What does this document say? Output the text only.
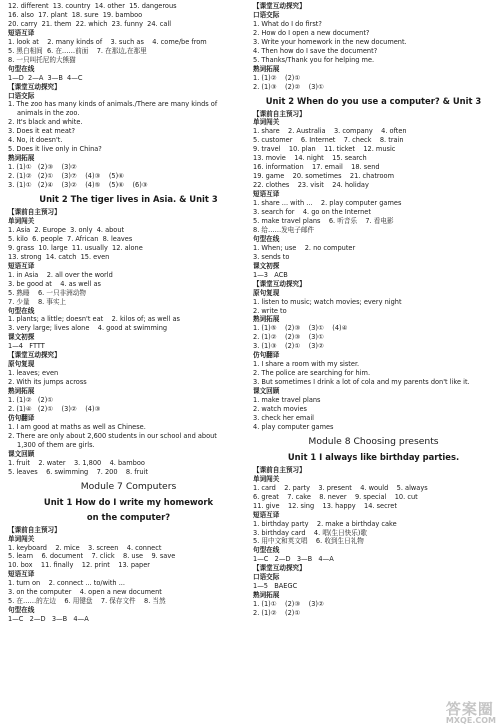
12. different  13. country  14. other  15. dangerous
16. also  17. plant  18. sure  19. bamboo
20. carry  21. them  22. which  23. funny  24. call
短语互译
1. look at    2. many kinds of    3. such as    4. come/be from
5. 黑白相间  6. 在……前面    7. 在那边,在那里
8. 一只叫托尼的大熊猫
句型在线
1—D  2—A  3—B  4—C
【课堂互动探究】
口语交际
1. The zoo has many kinds of animals./There are many kinds of
animals in the zoo.
2. It's black and white.
3. Does it eat meat?
4. No, it doesn't.
5. Does it live only in China?
熟词拓展
1. (1)①   (2)③    (3)②
2. (1)②   (2)①    (3)⑦    (4)③    (5)⑥
3. (1)①   (2)④    (3)②    (4)⑤    (5)⑥    (6)③
Unit 2 The tiger lives in Asia. & Unit 3
【课前自主预习】
单词闯关
1. Asia  2. Europe  3. only  4. about
5. kilo  6. people  7. African  8. leaves
9. grass  10. large  11. usually  12. alone
13. strong  14. catch  15. even
短语互译
1. in Asia    2. all over the world
3. be good at    4. as well as
5. 熟睡    6. 一只非洲动物
7. 少量    8. 事实上
句型在线
1. plants; a little; doesn't eat    2. kilos of; as well as
3. very large; lives alone    4. good at swimming
课文初探
1—4   FTTT
【课堂互动探究】
原句复现
1. leaves; even
2. With its jumps across
熟词拓展
1. (1)②   (2)①
2. (1)④   (2)①    (3)②    (4)③
仿句翻译
1. I am good at maths as well as Chinese.
2. There are only about 2,600 students in our school and about
1,300 of them are girls.
课文回顾
1. fruit    2. water    3. 1,800    4. bamboo
5. leaves    6. swimming    7. 200    8. fruit
Module 7 Computers
Unit 1 How do I write my homework
on the computer?
【课前自主预习】
单词闯关
1. keyboard    2. mice    3. screen    4. connect
5. learn    6. document    7. click    8. use    9. save
10. box    11. finally    12. print    13. paper
短语互译
1. turn on    2. connect ... to/with ...
3. on the computer    4. open a new document
5. 在……的左边    6. 用键盘    7. 保存文件    8. 当然
句型在线
1—C   2—D   3—B   4—A
【课堂互动探究】
口语交际
1. What do I do first?
2. How do I open a new document?
3. Write your homework in the new document.
4. Then how do I save the document?
5. Thanks/Thank you for helping me.
熟词拓展
1. (1)②    (2)①
2. (1)③    (2)②    (3)①
Unit 2 When do you use a computer? & Unit 3
【课前自主预习】
单词闯关
1. share    2. Australia    3. company    4. often
5. customer    6. Internet    7. check    8. train
9. travel    10. plan    11. ticket    12. music
13. movie    14. night    15. search
16. information    17. email    18. send
19. game    20. sometimes    21. chatroom
22. clothes    23. visit    24. holiday
短语互译
1. share ... with ...    2. play computer games
3. search for    4. go on the Internet
5. make travel plans    6. 听音乐    7. 看电影
8. 给……发电子邮件
句型在线
1. When; use    2. no computer
3. sends to
课文初探
1—3   ACB
【课堂互动探究】
原句复现
1. listen to music; watch movies; every night
2. write to
熟词拓展
1. (1)⑤    (2)③    (3)①    (4)④
2. (1)②    (2)③    (3)①
3. (1)③    (2)①    (3)②
仿句翻译
1. I share a room with my sister.
2. The police are searching for him.
3. But sometimes I drink a lot of cola and my parents don't like it.
课文回顾
1. make travel plans
2. watch movies
3. check her email
4. play computer games
Module 8 Choosing presents
Unit 1 I always like birthday parties.
【课前自主预习】
单词闯关
1. card    2. party    3. present    4. would    5. always
6. great    7. cake    8. never    9. special    10. cut
11. give    12. sing    13. happy    14. secret
短语互译
1. birthday party    2. make a birthday cake
3. birthday card    4. 唱(生日快乐)歌
5. 用中文和英文唱    6. 收到生日礼物
句型在线
1—C   2—D   3—B   4—A
【课堂互动探究】
口语交际
1—5   BAEGC
熟词拓展
1. (1)①    (2)③    (3)②
2. (1)②    (2)①
答案圈
MXQE.COM
